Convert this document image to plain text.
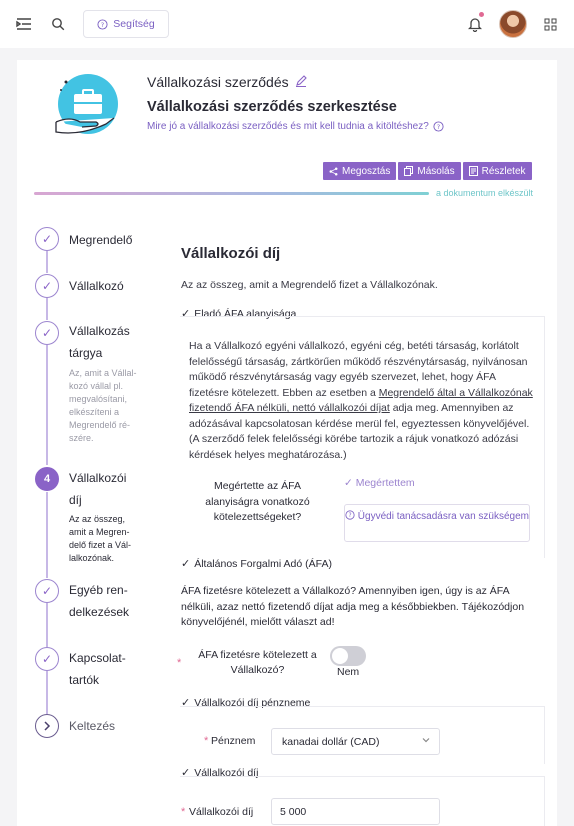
? Segítség
Vállalkozási szerződés
Vállalkozási szerződés szerkesztése
Mire jó a vállalkozási szerződés és mit kell tudnia a kitöltéshez? ?
Megosztás	Másolás	Részletek
a dokumentum elkészült
✓	Megrendelő
✓	Vállalkozó
✓	Vállalkozás
tárgya
Az, amit a Vállal-
kozó vállal pl.
megvalósítani,
elkészíteni a
Megrendelő ré-
szére.
4	Vállalkozói
díj
Az az összeg,
amit a Megren-
delő fizet a Vál-
lalkozónak.
✓	Egyéb ren-
delkezések
✓	Kapcsolat-
tartók
Keltezés
Vállalkozói díj
Az az összeg, amit a Megrendelő fizet a Vállalkozónak.
✓ Eladó ÁFA alanyisága
Ha a Vállalkozó egyéni vállalkozó, egyéni cég, betéti társaság, korlátolt felelősségű társaság, zártkörűen működő részvénytársaság, nyilvánosan működő részvénytársaság vagy egyéb szervezet, lehet, hogy ÁFA fizetésre kötelezett. Ebben az esetben a Megrendelő által a Vállalkozónak fizetendő ÁFA nélküli, nettó vállalkozói díjat adja meg. Amennyiben az adózásával kapcsolatosan kérdése merül fel, egyeztessen könyvelőjével. (A szerződő felek felelősségi körébe tartozik a rájuk vonatkozó adózási kérdések helyes meghatározása.)
Megértette az ÁFA alanyiságra vonatkozó kötelezettségeket?
✓ Megértettem
? Ügyvédi tanácsadásra van szükségem
✓ Általános Forgalmi Adó (ÁFA)
ÁFA fizetésre kötelezett a Vállalkozó? Amennyiben igen, úgy is az ÁFA nélküli, azaz nettó fizetendő díjat adja meg a későbbiekben. Tájékozódjon könyvelőjénél, mielőtt választ ad!
*
ÁFA fizetésre kötelezett a Vállalkozó?	Nem
✓ Vállalkozói díj pénzneme
* Pénznem	kanadai dollár (CAD)
✓ Vállalkozói díj
* Vállalkozói díj	5 000
